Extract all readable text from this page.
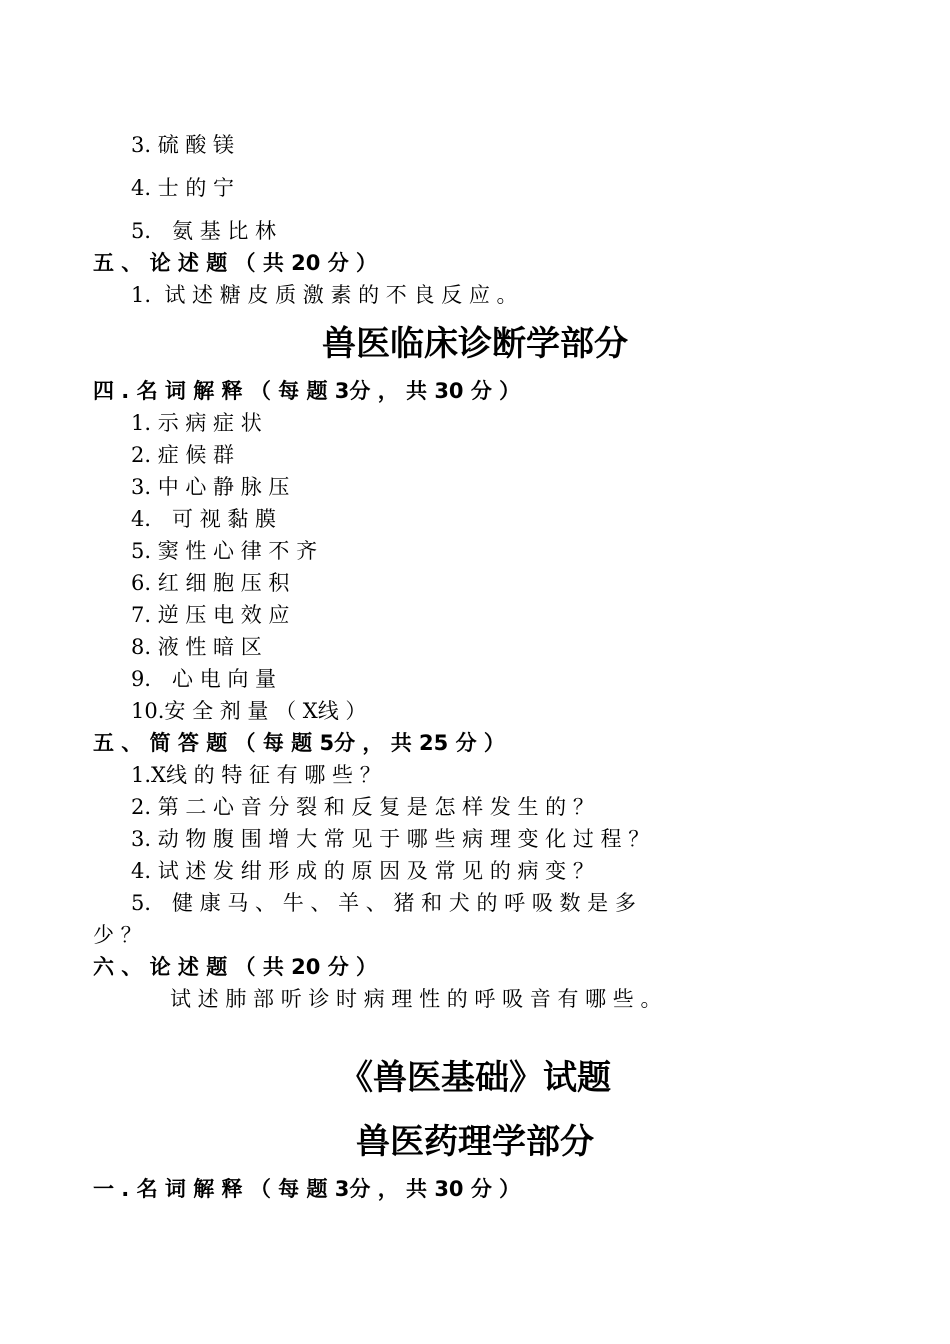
3. 硫 酸 镁
4. 士 的 宁
5． 氨 基 比 林
五 、 论 述 题 （ 共 20 分 ）
1.  试 述 糖 皮 质 激 素 的 不 良 反 应 。
兽医临床诊断学部分
四 . 名 词 解 释 （ 每 题 3分 ， 共 30 分 ）
1. 示 病 症 状
2. 症 候 群
3. 中 心 静 脉 压
4． 可 视 黏 膜
5. 窦 性 心 律 不 齐
6. 红 细 胞 压 积
7. 逆 压 电 效 应
8. 液 性 暗 区
9． 心 电 向 量
10.安 全 剂 量 （ X线 ）
五 、 简 答 题 （ 每 题 5分 ， 共 25 分 ）
1.X线 的 特 征 有 哪 些 ？
2. 第 二 心 音 分 裂 和 反 复 是 怎 样 发 生 的 ？
3. 动 物 腹 围 增 大 常 见 于 哪 些 病 理 变 化 过 程 ？
4. 试 述 发 绀 形 成 的 原 因 及 常 见 的 病 变 ？
5． 健 康 马 、 牛 、 羊 、 猪 和 犬 的 呼 吸 数 是 多
少 ？
六 、 论 述 题 （ 共 20 分 ）
试 述 肺 部 听 诊 时 病 理 性 的 呼 吸 音 有 哪 些 。
《兽医基础》试题
兽医药理学部分
一 . 名 词 解 释 （ 每 题 3分 ， 共 30 分 ）
